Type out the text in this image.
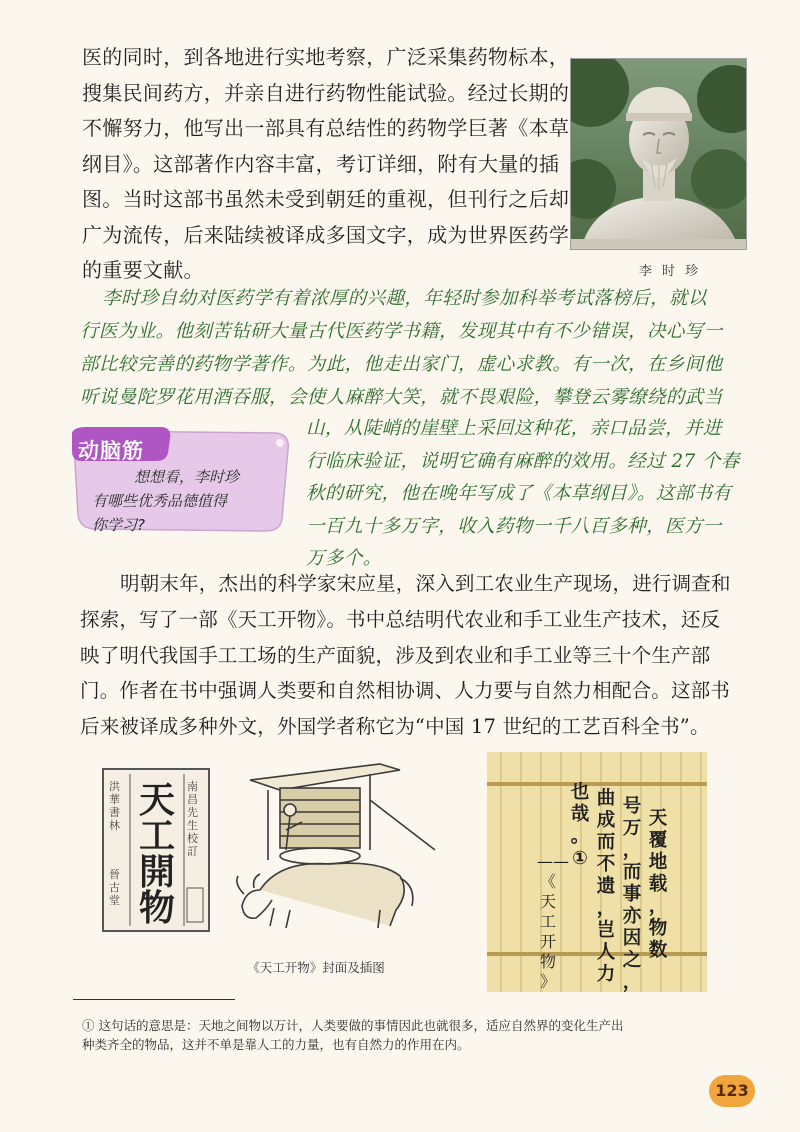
医的同时，到各地进行实地考察，广泛采集药物标本，
搜集民间药方，并亲自进行药物性能试验。经过长期的
不懈努力，他写出一部具有总结性的药物学巨著《本草
纲目》。这部著作内容丰富，考订详细，附有大量的插
图。当时这部书虽然未受到朝廷的重视，但刊行之后却
广为流传，后来陆续被译成多国文字，成为世界医药学
的重要文献。	李 时 珍
李时珍自幼对医药学有着浓厚的兴趣，年轻时参加科举考试落榜后，就以
行医为业。他刻苦钻研大量古代医药学书籍，发现其中有不少错误，决心写一
部比较完善的药物学著作。为此，他走出家门，虚心求教。有一次，在乡间他
听说曼陀罗花用酒吞服，会使人麻醉大笑，就不畏艰险，攀登云雾缭绕的武当
动脑筋
想想看，李时珍
有哪些优秀品德值得
你学习?
山，从陡峭的崖壁上采回这种花，亲口品尝，并进
行临床验证，说明它确有麻醉的效用。经过 27 个春
秋的研究，他在晚年写成了《本草纲目》。这部书有
一百九十多万字，收入药物一千八百多种，医方一
万多个。
明朝末年，杰出的科学家宋应星，深入到工农业生产现场，进行调查和
探索，写了一部《天工开物》。书中总结明代农业和手工业生产技术，还反
映了明代我国手工工场的生产面貌，涉及到农业和手工业等三十个生产部
门。作者在书中强调人类要和自然相协调、人力要与自然力相配合。这部书
后来被译成多种外文，外国学者称它为“中国 17 世纪的工艺百科全书”。
洪
華
書
林
晉
古
堂
天
工
開
物
南
昌
先
生
校
訂
《天工开物》封面及插图
天
覆
地
载
，
物
数
号
万
，
而
事
亦
因
之
，
曲
成
而
不
遗
，
岂
人
力
也
哉
。
①
——
《
天
工
开
物
》
① 这句话的意思是：天地之间物以万计，人类要做的事情因此也就很多，适应自然界的变化生产出
种类齐全的物品，这并不单是靠人工的力量，也有自然力的作用在内。
123
